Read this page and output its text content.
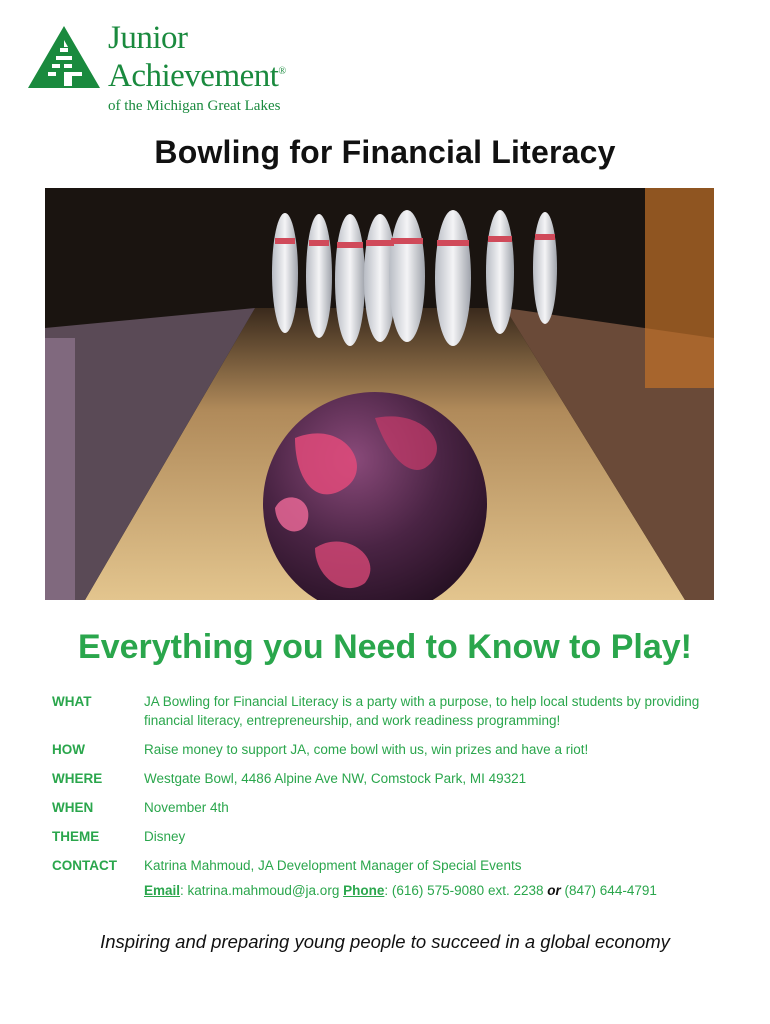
Junior
Achievement®
of the Michigan Great Lakes
Bowling for Financial Literacy
Everything you Need to Know to Play!
WHAT	JA Bowling for Financial Literacy is a party with a purpose, to help local students by providing financial literacy, entrepreneurship, and work readiness programming!
HOW	Raise money to support JA, come bowl with us, win prizes and have a riot!
WHERE	Westgate Bowl, 4486 Alpine Ave NW, Comstock Park, MI 49321
WHEN	November 4th
THEME	Disney
CONTACT	Katrina Mahmoud, JA Development Manager of Special Events
Email: katrina.mahmoud@ja.org Phone: (616) 575-9080 ext. 2238 or (847) 644-4791
Inspiring and preparing young people to succeed in a global economy
